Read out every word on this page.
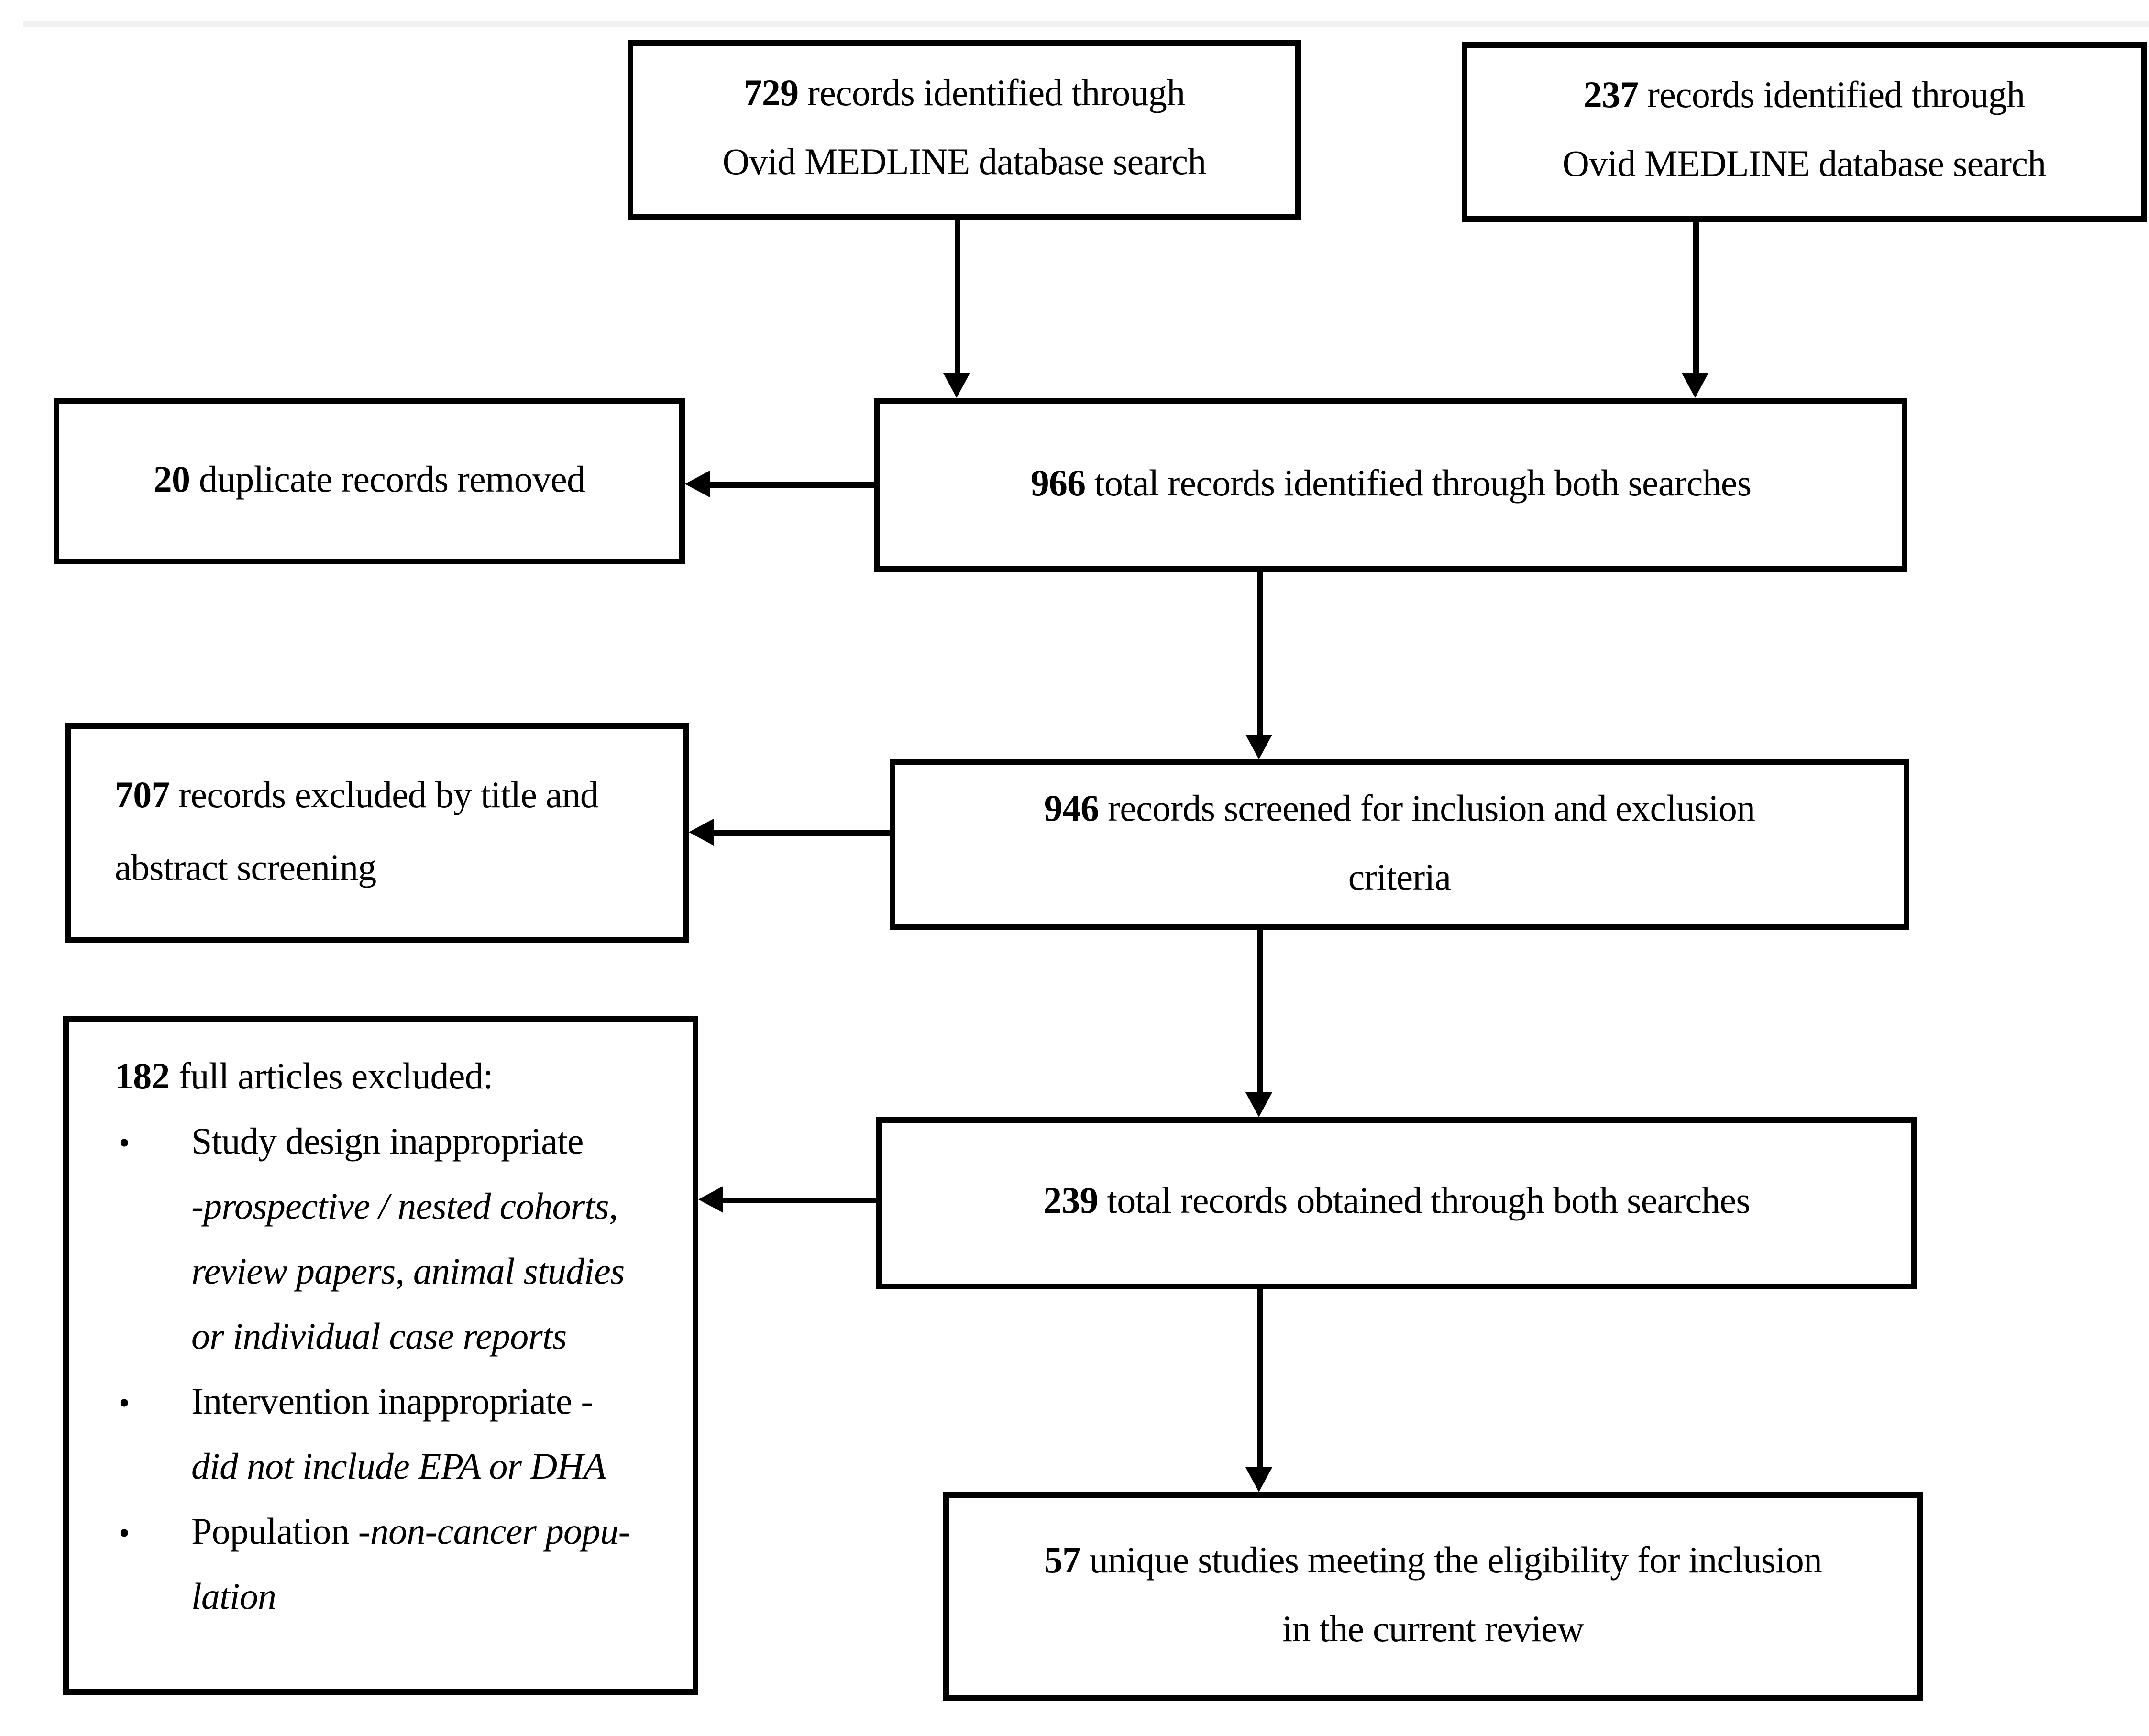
729 records identified through
Ovid MEDLINE database search
237 records identified through
Ovid MEDLINE database search
20 duplicate records removed	966 total records identified through both searches
707 records excluded by title and
abstract screening
946 records screened for inclusion and exclusion
criteria
182 full articles excluded:
•	Study design inappropriate
-prospective / nested cohorts,
review papers, animal studies
or individual case reports
•	Intervention inappropriate -
did not include EPA or DHA
•	Population -non-cancer popu-
lation
239 total records obtained through both searches
57 unique studies meeting the eligibility for inclusion
in the current review
